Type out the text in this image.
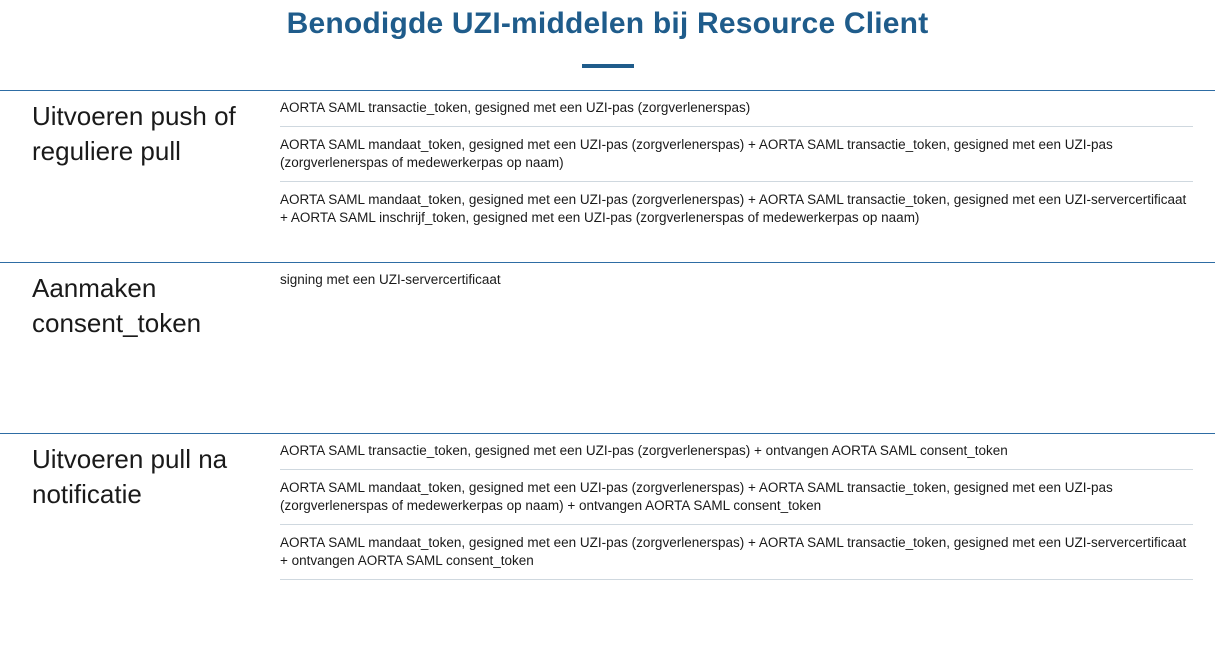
Benodigde UZI-middelen bij Resource Client
Uitvoeren push of reguliere pull
AORTA SAML transactie_token, gesigned met een UZI-pas (zorgverlenerspas)
AORTA SAML mandaat_token, gesigned met een UZI-pas (zorgverlenerspas) + AORTA SAML transactie_token, gesigned met een UZI-pas (zorgverlenerspas of medewerkerpas op naam)
AORTA SAML mandaat_token, gesigned met een UZI-pas (zorgverlenerspas) + AORTA SAML transactie_token, gesigned met een UZI-servercertificaat + AORTA SAML inschrijf_token, gesigned met een UZI-pas (zorgverlenerspas of medewerkerpas op naam)
Aanmaken consent_token
signing met een UZI-servercertificaat
Uitvoeren pull na notificatie
AORTA SAML transactie_token, gesigned met een UZI-pas (zorgverlenerspas) + ontvangen AORTA SAML consent_token
AORTA SAML mandaat_token, gesigned met een UZI-pas (zorgverlenerspas) + AORTA SAML transactie_token, gesigned met een UZI-pas (zorgverlenerspas of medewerkerpas op naam) + ontvangen AORTA SAML consent_token
AORTA SAML mandaat_token, gesigned met een UZI-pas (zorgverlenerspas) + AORTA SAML transactie_token, gesigned met een UZI-servercertificaat + ontvangen AORTA SAML consent_token
